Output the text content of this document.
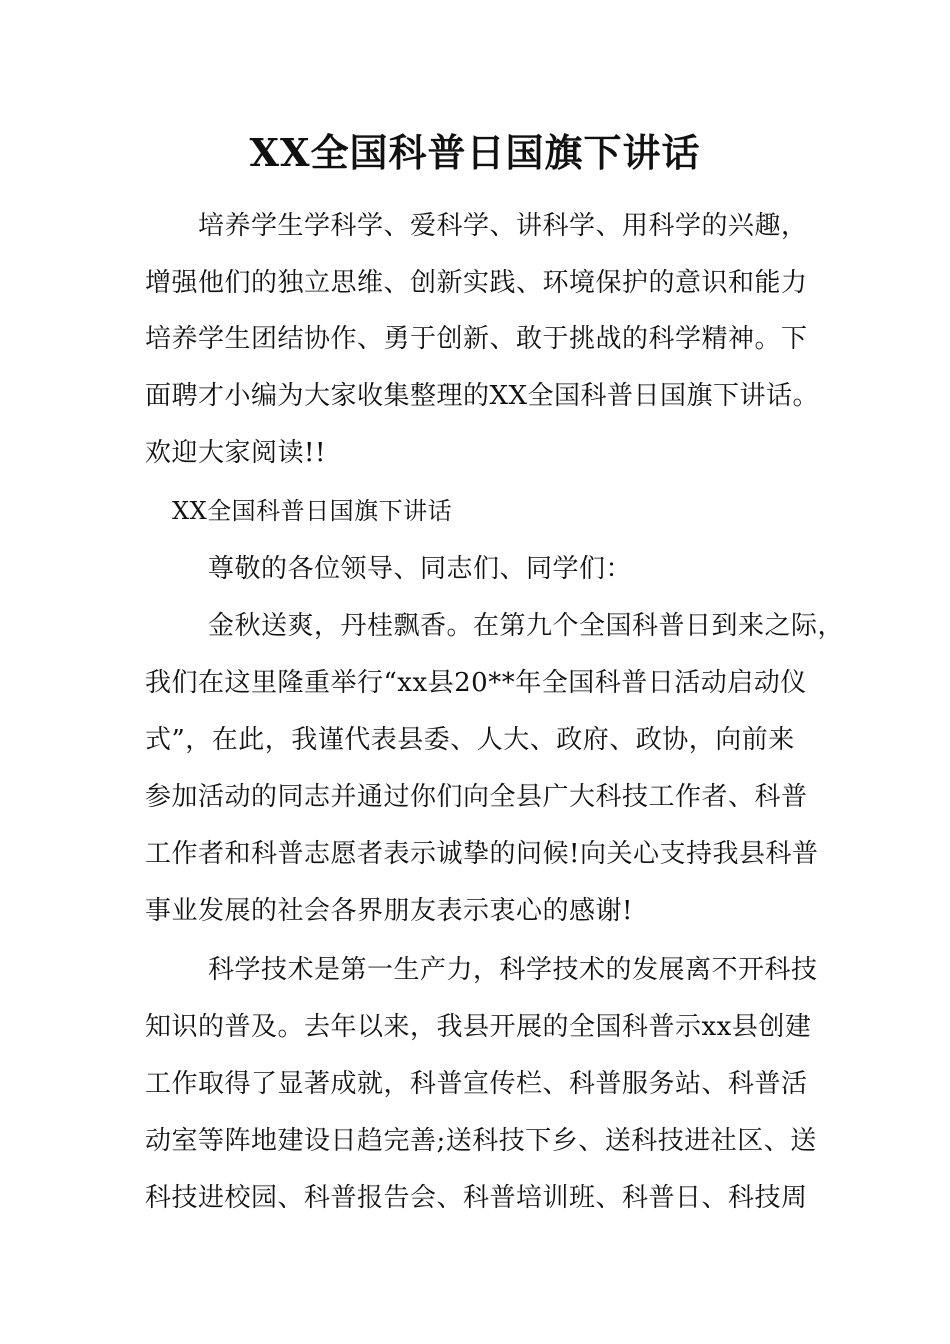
XX全国科普日国旗下讲话
培养学生学科学、爱科学、讲科学、用科学的兴趣，
增强他们的独立思维、创新实践、环境保护的意识和能力
培养学生团结协作、勇于创新、敢于挑战的科学精神。下
面聘才小编为大家收集整理的XX全国科普日国旗下讲话。
欢迎大家阅读!!
XX全国科普日国旗下讲话
尊敬的各位领导、同志们、同学们：
金秋送爽，丹桂飘香。在第九个全国科普日到来之际，
我们在这里隆重举行“xx县20**年全国科普日活动启动仪
式”，在此，我谨代表县委、人大、政府、政协，向前来
参加活动的同志并通过你们向全县广大科技工作者、科普
工作者和科普志愿者表示诚挚的问候!向关心支持我县科普
事业发展的社会各界朋友表示衷心的感谢!
科学技术是第一生产力，科学技术的发展离不开科技
知识的普及。去年以来，我县开展的全国科普示xx县创建
工作取得了显著成就，科普宣传栏、科普服务站、科普活
动室等阵地建设日趋完善;送科技下乡、送科技进社区、送
科技进校园、科普报告会、科普培训班、科普日、科技周
